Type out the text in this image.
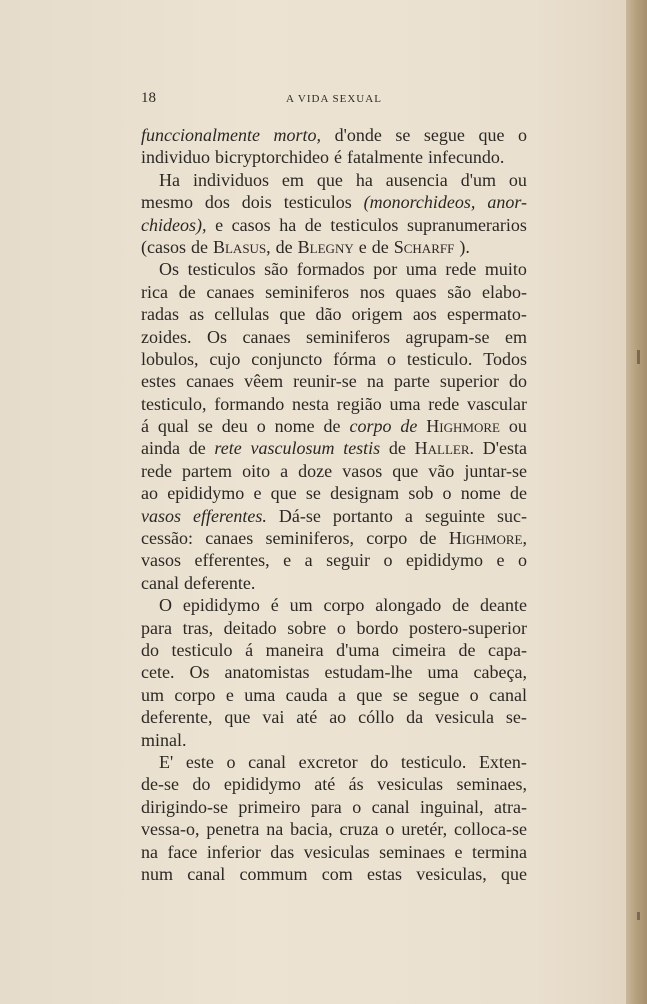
18	A VIDA SEXUAL
funccionalmente morto, d'onde se segue que o
individuo bicryptorchideo é fatalmente infecundo.
Ha individuos em que ha ausencia d'um ou
mesmo dos dois testiculos (monorchideos, anor-
chideos), e casos ha de testiculos supranumerarios
(casos de Blasus, de Blegny e de Scharff ).
Os testiculos são formados por uma rede muito
rica de canaes seminiferos nos quaes são elabo-
radas as cellulas que dão origem aos espermato-
zoides. Os canaes seminiferos agrupam-se em
lobulos, cujo conjuncto fórma o testiculo. Todos
estes canaes vêem reunir-se na parte superior do
testiculo, formando nesta região uma rede vascular
á qual se deu o nome de corpo de Highmore ou
ainda de rete vasculosum testis de Haller. D'esta
rede partem oito a doze vasos que vão juntar-se
ao epididymo e que se designam sob o nome de
vasos efferentes. Dá-se portanto a seguinte suc-
cessão: canaes seminiferos, corpo de Highmore,
vasos efferentes, e a seguir o epididymo e o
canal deferente.
O epididymo é um corpo alongado de deante
para tras, deitado sobre o bordo postero-superior
do testiculo á maneira d'uma cimeira de capa-
cete. Os anatomistas estudam-lhe uma cabeça,
um corpo e uma cauda a que se segue o canal
deferente, que vai até ao cóllo da vesicula se-
minal.
E' este o canal excretor do testiculo. Exten-
de-se do epididymo até ás vesiculas seminaes,
dirigindo-se primeiro para o canal inguinal, atra-
vessa-o, penetra na bacia, cruza o uretér, colloca-se
na face inferior das vesiculas seminaes e termina
num canal commum com estas vesiculas, que
